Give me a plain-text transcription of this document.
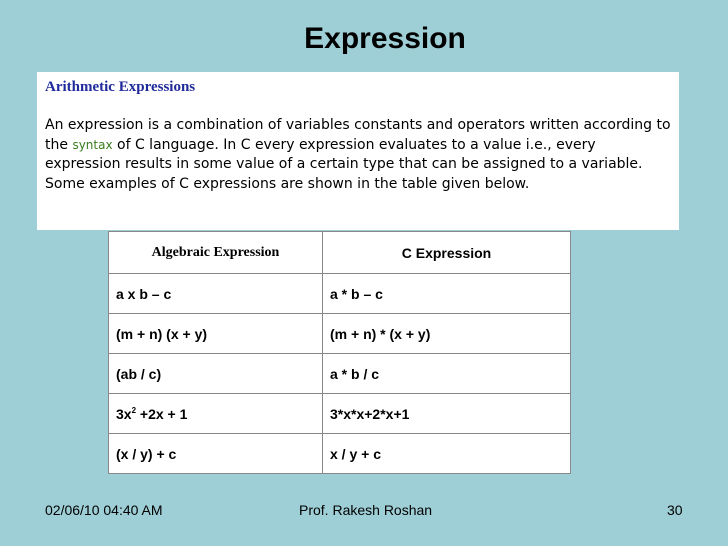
Expression

Arithmetic Expressions

An expression is a combination of variables constants and operators written according to the syntax of C language. In C every expression evaluates to a value i.e., every expression results in some value of a certain type that can be assigned to a variable. Some examples of C expressions are shown in the table given below.

Algebraic Expression	C Expression
a x b – c	a * b – c
(m + n) (x + y)	(m + n) * (x + y)
(ab / c)	a * b / c
$3x^2 +2x + 1$	3*x*x+2*x+1
(x / y) + c	x / y + c
02/06/10 04:40 AM	Prof. Rakesh Roshan	30
